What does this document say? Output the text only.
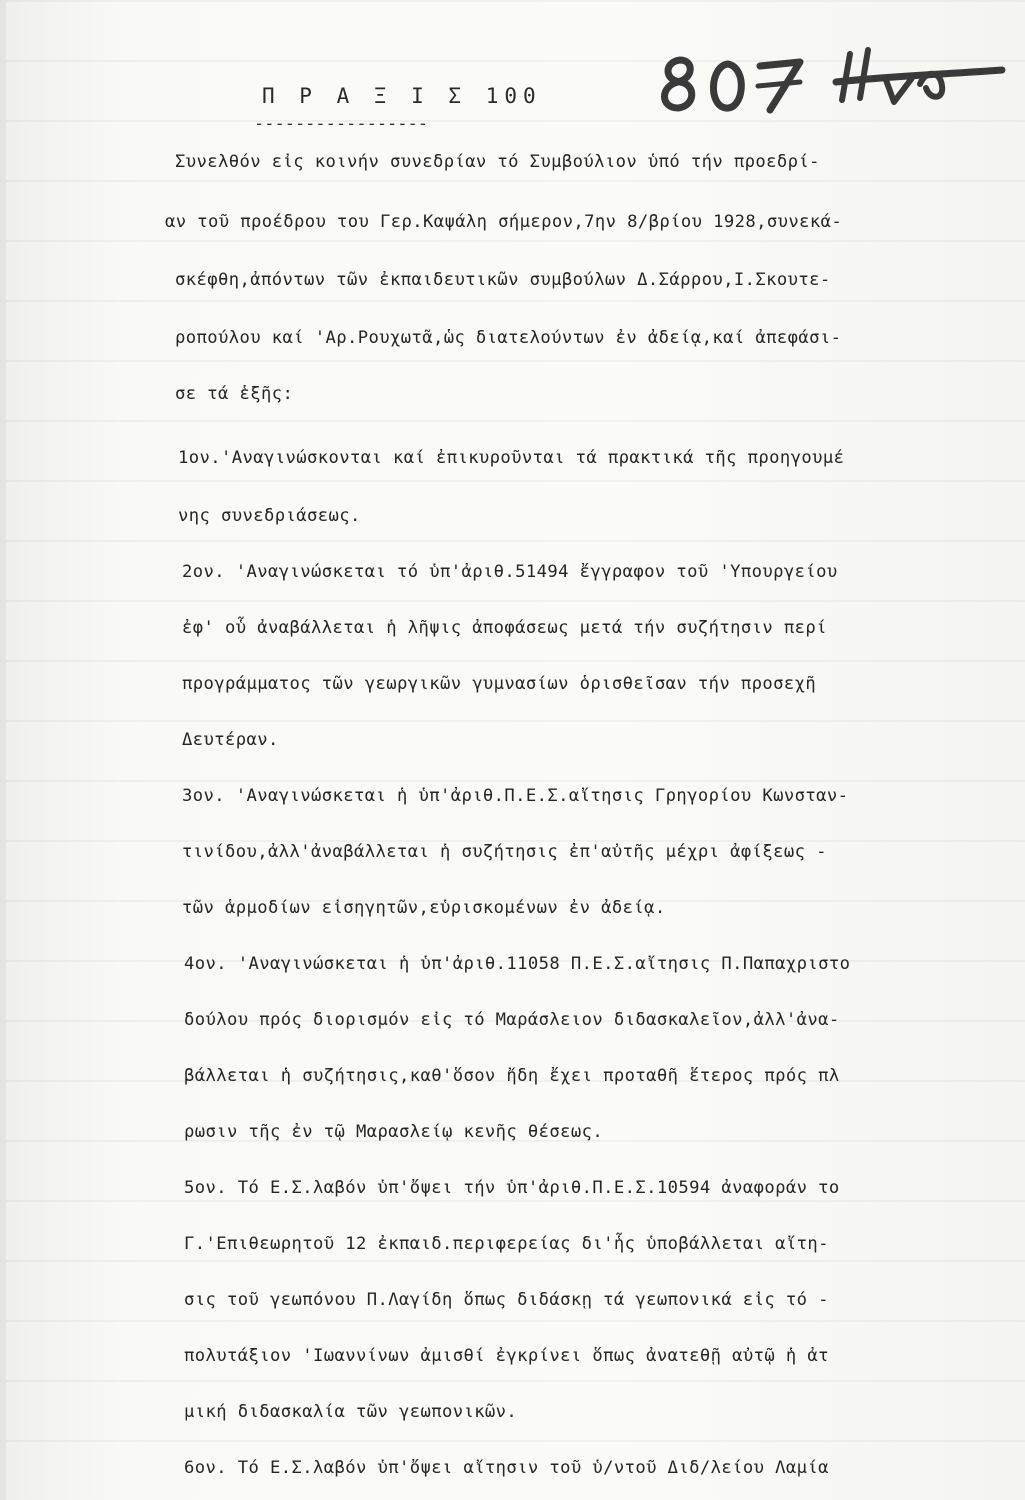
Π Ρ Α Ξ Ι Σ 100
-----------------	808 / 1114
Συνελθόν εἰς κοινήν συνεδρίαν τό Συμβούλιον ὑπό τήν προεδρί-
αν τοῦ προέδρου του Γερ.Καψάλη σήμερον,7ην 8/βρίου 1928,συνεκά-
σκέφθη,ἀπόντων τῶν ἐκπαιδευτικῶν συμβούλων Δ.Σάρρου,Ι.Σκουτε-
ροπούλου καί 'Αρ.Ρουχωτᾶ,ὡς διατελούντων ἐν ἀδείᾳ,καί ἀπεφάσι-
σε τά ἑξῆς:
1ον.'Αναγινώσκονται καί ἐπικυροῦνται τά πρακτικά τῆς προηγουμέ
νης συνεδριάσεως.
2ον. 'Αναγινώσκεται τό ὑπ'ἀριθ.51494 ἔγγραφον τοῦ 'Υπουργείου
ἐφ' οὗ ἀναβάλλεται ἡ λῆψις ἀποφάσεως μετά τήν συζήτησιν περί
προγράμματος τῶν γεωργικῶν γυμνασίων ὁρισθεῖσαν τήν προσεχῆ
Δευτέραν.
3ον. 'Αναγινώσκεται ἡ ὑπ'ἀριθ.Π.Ε.Σ.αἴτησις Γρηγορίου Κωνσταν-
τινίδου,ἀλλ'ἀναβάλλεται ἡ συζήτησις ἐπ'αὐτῆς μέχρι ἀφίξεως -
τῶν ἁρμοδίων εἰσηγητῶν,εὑρισκομένων ἐν ἀδείᾳ.
4ον. 'Αναγινώσκεται ἡ ὑπ'ἀριθ.11058 Π.Ε.Σ.αἴτησις Π.Παπαχριστο
δούλου πρός διορισμόν εἰς τό Μαράσλειον διδασκαλεῖον,ἀλλ'ἀνα-
βάλλεται ἡ συζήτησις,καθ'ὅσον ἤδη ἔχει προταθῆ ἕτερος πρός πλ
ρωσιν τῆς ἐν τῷ Μαρασλείῳ κενῆς θέσεως.
5ον. Τό Ε.Σ.λαβόν ὑπ'ὄψει τήν ὑπ'ἀριθ.Π.Ε.Σ.10594 ἀναφοράν το
Γ.'Επιθεωρητοῦ 12 ἐκπαιδ.περιφερείας δι'ἧς ὑποβάλλεται αἴτη-
σις τοῦ γεωπόνου Π.Λαγίδη ὅπως διδάσκῃ τά γεωπονικά εἰς τό -
πολυτάξιον 'Ιωαννίνων ἀμισθί ἐγκρίνει ὅπως ἀνατεθῇ αὐτῷ ἡ ἀτ
μική διδασκαλία τῶν γεωπονικῶν.
6ον. Τό Ε.Σ.λαβόν ὑπ'ὄψει αἴτησιν τοῦ ὑ/ντοῦ Διδ/λείου Λαμία
